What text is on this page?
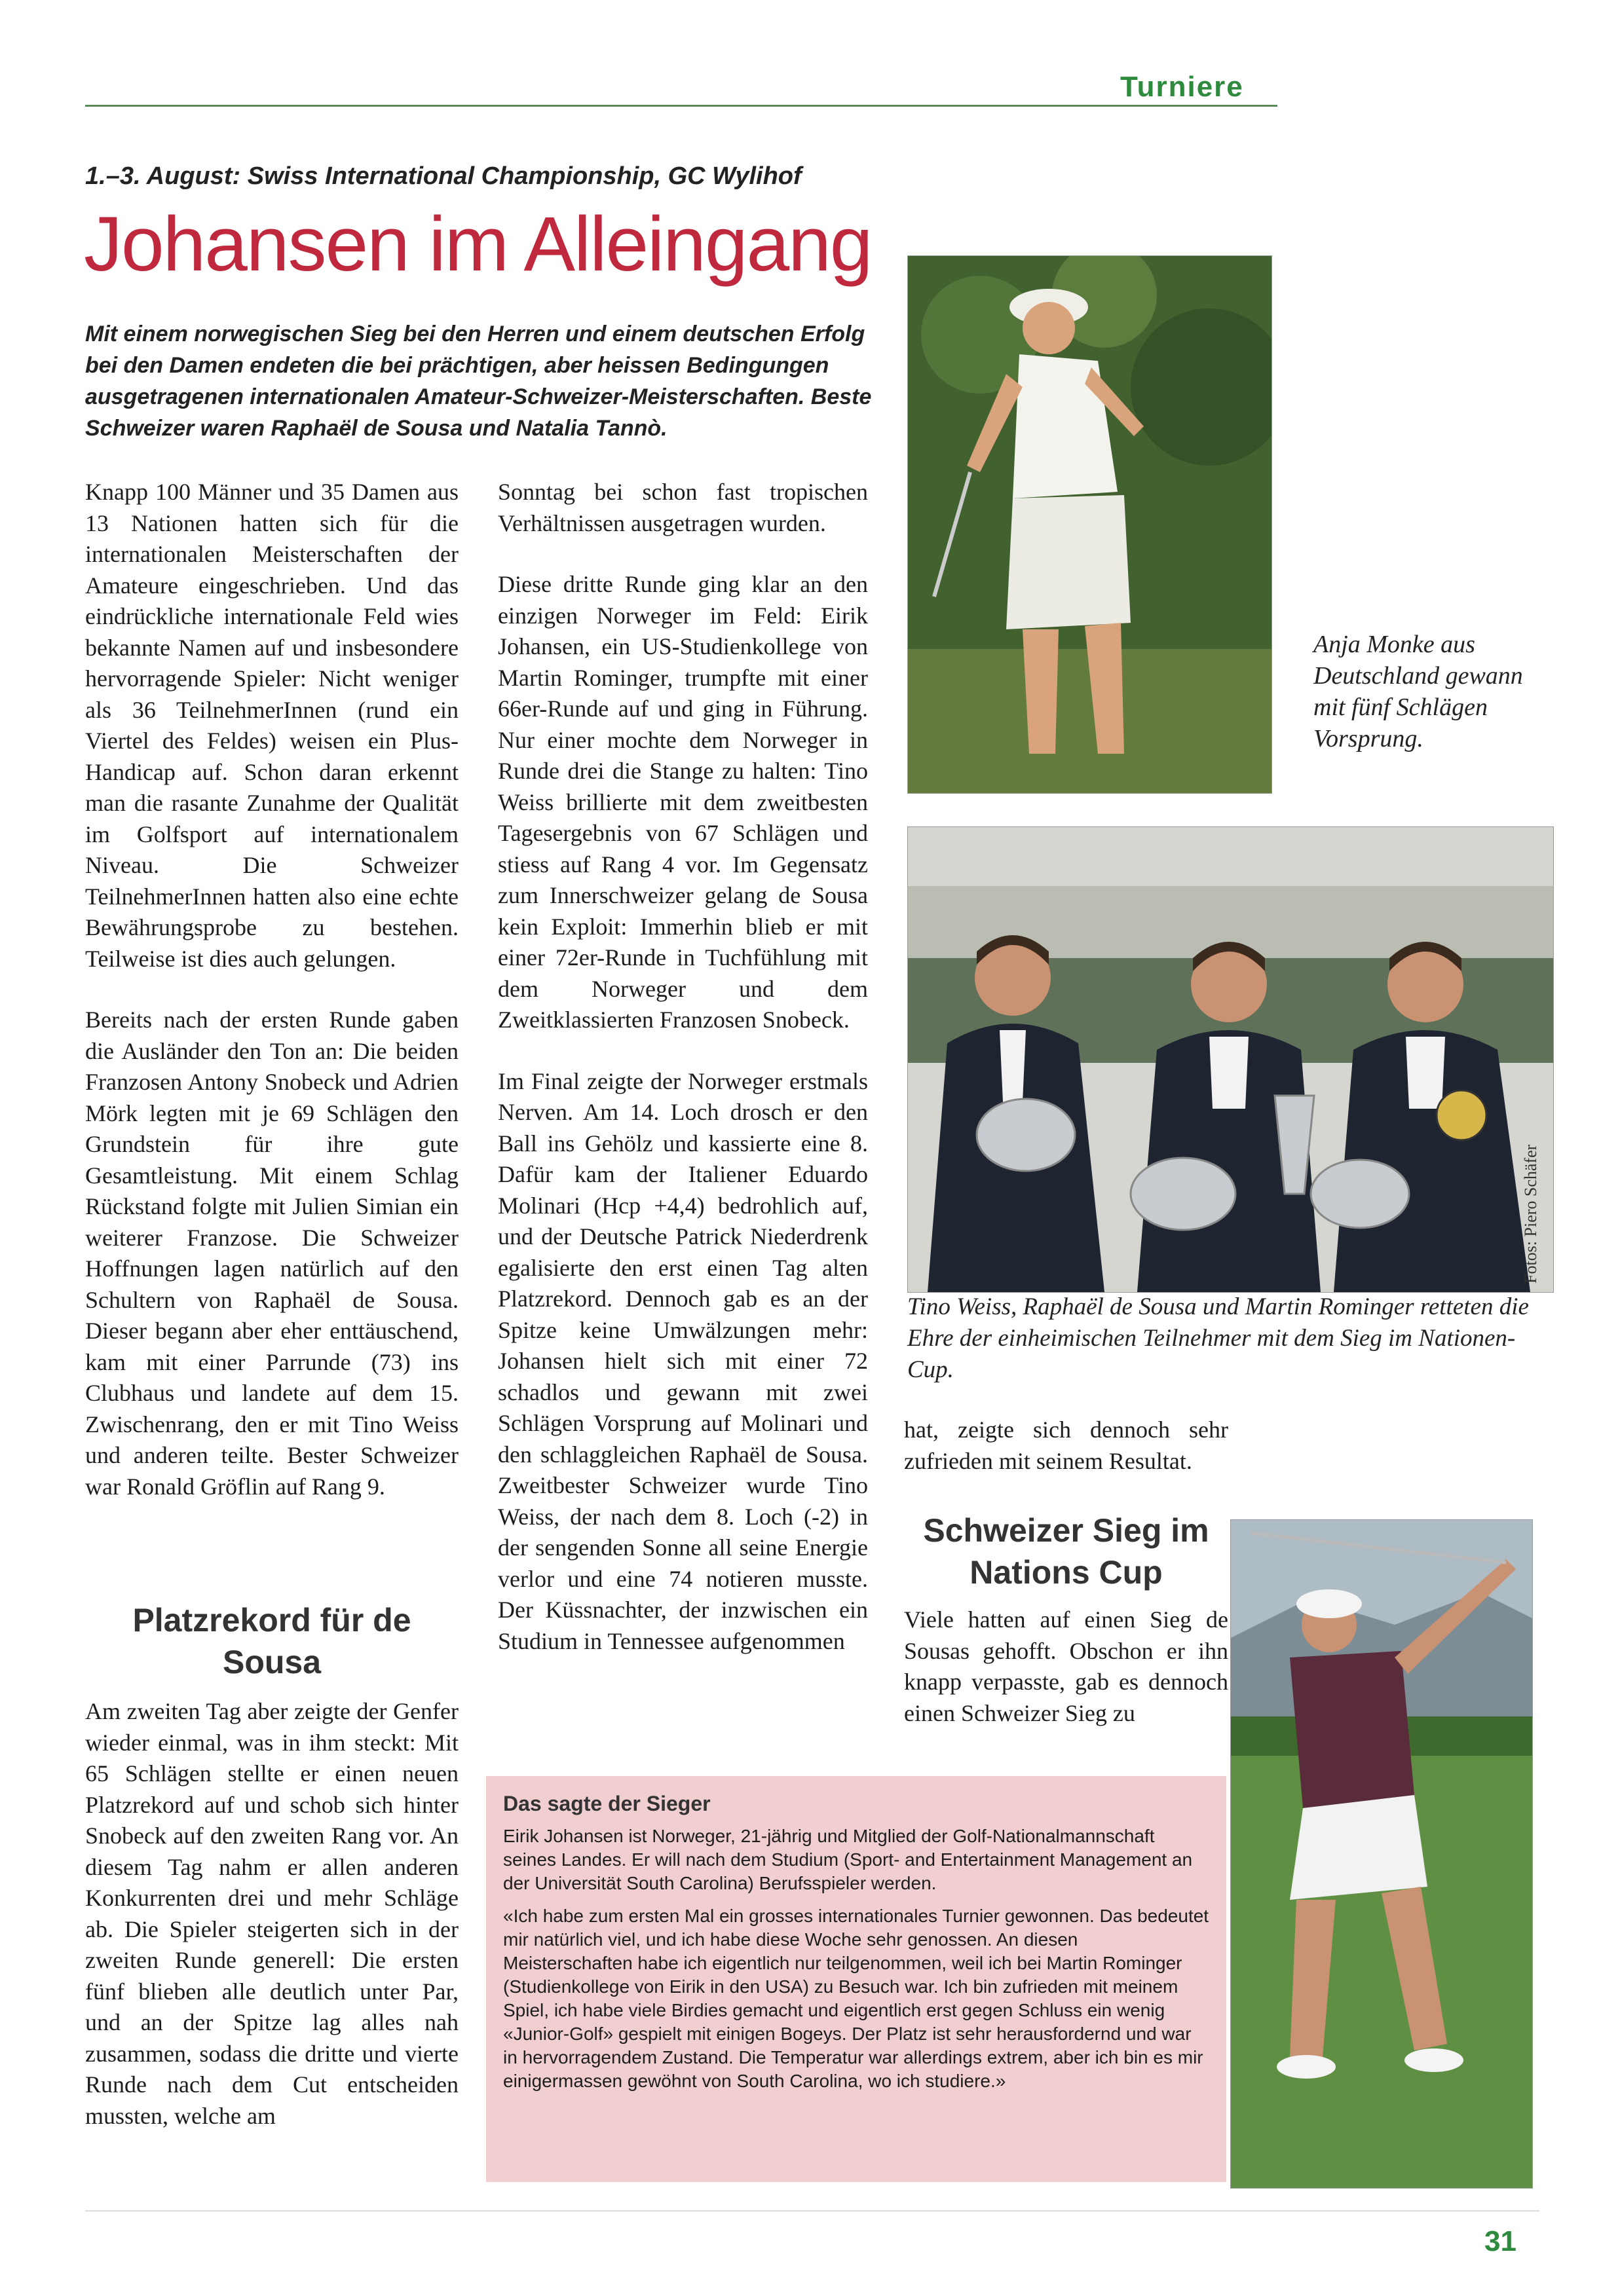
Turniere
1.–3. August: Swiss International Championship, GC Wylihof
Johansen im Alleingang
Mit einem norwegischen Sieg bei den Herren und einem deutschen Erfolg bei den Damen endeten die bei prächtigen, aber heissen Bedingungen ausgetragenen internationalen Amateur-Schweizer-Meisterschaften. Beste Schweizer waren Raphaël de Sousa und Natalia Tannò.

Knapp 100 Männer und 35 Damen aus 13 Nationen hatten sich für die internationalen Meisterschaften der Amateure eingeschrieben. Und das eindrückliche internationale Feld wies bekannte Namen auf und insbesondere hervorragende Spieler: Nicht weniger als 36 TeilnehmerInnen (rund ein Viertel des Feldes) weisen ein Plus-Handicap auf. Schon daran erkennt man die rasante Zunahme der Qualität im Golfsport auf internationalem Niveau. Die Schweizer TeilnehmerInnen hatten also eine echte Bewährungsprobe zu bestehen. Teilweise ist dies auch gelungen.

Bereits nach der ersten Runde gaben die Ausländer den Ton an: Die beiden Franzosen Antony Snobeck und Adrien Mörk legten mit je 69 Schlägen den Grundstein für ihre gute Gesamtleistung. Mit einem Schlag Rückstand folgte mit Julien Simian ein weiterer Franzose. Die Schweizer Hoffnungen lagen natürlich auf den Schultern von Raphaël de Sousa. Dieser begann aber eher enttäuschend, kam mit einer Parrunde (73) ins Clubhaus und landete auf dem 15. Zwischenrang, den er mit Tino Weiss und anderen teilte. Bester Schweizer war Ronald Gröflin auf Rang 9.

Platzrekord für de Sousa

Am zweiten Tag aber zeigte der Genfer wieder einmal, was in ihm steckt: Mit 65 Schlägen stellte er einen neuen Platzrekord auf und schob sich hinter Snobeck auf den zweiten Rang vor. An diesem Tag nahm er allen anderen Konkurrenten drei und mehr Schläge ab. Die Spieler steigerten sich in der zweiten Runde generell: Die ersten fünf blieben alle deutlich unter Par, und an der Spitze lag alles nah zusammen, sodass die dritte und vierte Runde nach dem Cut entscheiden mussten, welche am

Sonntag bei schon fast tropischen Verhältnissen ausgetragen wurden.

Diese dritte Runde ging klar an den einzigen Norweger im Feld: Eirik Johansen, ein US-Studienkollege von Martin Rominger, trumpfte mit einer 66er-Runde auf und ging in Führung. Nur einer mochte dem Norweger in Runde drei die Stange zu halten: Tino Weiss brillierte mit dem zweitbesten Tagesergebnis von 67 Schlägen und stiess auf Rang 4 vor. Im Gegensatz zum Innerschweizer gelang de Sousa kein Exploit: Immerhin blieb er mit einer 72er-Runde in Tuchfühlung mit dem Norweger und dem Zweitklassierten Franzosen Snobeck.

Im Final zeigte der Norweger erstmals Nerven. Am 14. Loch drosch er den Ball ins Gehölz und kassierte eine 8. Dafür kam der Italiener Eduardo Molinari (Hcp +4,4) bedrohlich auf, und der Deutsche Patrick Niederdrenk egalisierte den erst einen Tag alten Platzrekord. Dennoch gab es an der Spitze keine Umwälzungen mehr: Johansen hielt sich mit einer 72 schadlos und gewann mit zwei Schlägen Vorsprung auf Molinari und den schlaggleichen Raphaël de Sousa. Zweitbester Schweizer wurde Tino Weiss, der nach dem 8. Loch (-2) in der sengenden Sonne all seine Energie verlor und eine 74 notieren musste. Der Küssnachter, der inzwischen ein Studium in Tennessee aufgenommen

Anja Monke aus Deutschland gewann mit fünf Schlägen Vorsprung.
Fotos: Piero Schäfer
Tino Weiss, Raphaël de Sousa und Martin Rominger retteten die Ehre der einheimischen Teilnehmer mit dem Sieg im Nationen-Cup.

hat, zeigte sich dennoch sehr zufrieden mit seinem Resultat.

Schweizer Sieg im Nations Cup

Viele hatten auf einen Sieg de Sousas gehofft. Obschon er ihn knapp verpasste, gab es dennoch einen Schweizer Sieg zu

Das sagte der Sieger

Eirik Johansen ist Norweger, 21-jährig und Mitglied der Golf-Nationalmannschaft seines Landes. Er will nach dem Studium (Sport- and Entertainment Management an der Universität South Carolina) Berufsspieler werden.

«Ich habe zum ersten Mal ein grosses internationales Turnier gewonnen. Das bedeutet mir natürlich viel, und ich habe diese Woche sehr genossen. An diesen Meisterschaften habe ich eigentlich nur teilgenommen, weil ich bei Martin Rominger (Studienkollege von Eirik in den USA) zu Besuch war. Ich bin zufrieden mit meinem Spiel, ich habe viele Birdies gemacht und eigentlich erst gegen Schluss ein wenig «Junior-Golf» gespielt mit einigen Bogeys. Der Platz ist sehr herausfordernd und war in hervorragendem Zustand. Die Temperatur war allerdings extrem, aber ich bin es mir einigermassen gewöhnt von South Carolina, wo ich studiere.»

31
